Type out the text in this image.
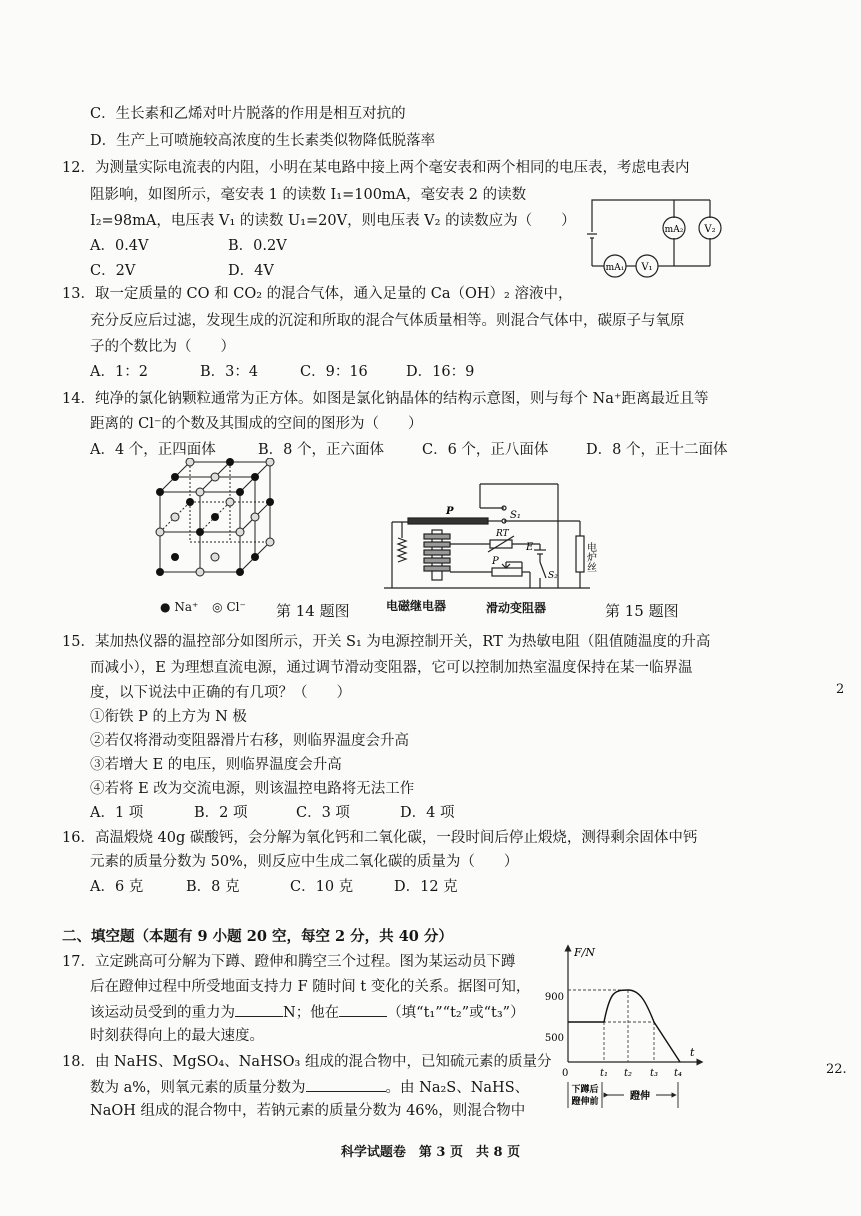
C．生长素和乙烯对叶片脱落的作用是相互对抗的
D．生产上可喷施较高浓度的生长素类似物降低脱落率
12．为测量实际电流表的内阻，小明在某电路中接上两个毫安表和两个相同的电压表，考虑电表内
阻影响，如图所示，毫安表 1 的读数 I₁=100mA，毫安表 2 的读数
I₂=98mA，电压表 V₁ 的读数 U₁=20V，则电压表 V₂ 的读数应为（　　）
A．0.4V	B．0.2V
C．2V	D．4V
mA₂ V₂
mA₁ V₁
13．取一定质量的 CO 和 CO₂ 的混合气体，通入足量的 Ca（OH）₂ 溶液中，
充分反应后过滤，发现生成的沉淀和所取的混合气体质量相等。则混合气体中，碳原子与氧原
子的个数比为（　　）
A．1：2	B．3：4	C．9：16	D．16：9
14．纯净的氯化钠颗粒通常为正方体。如图是氯化钠晶体的结构示意图，则与每个 Na⁺距离最近且等
距离的 Cl⁻的个数及其围成的空间的图形为（　　）
A．4 个，正四面体	B．8 个，正六面体	C．6 个，正八面体	D．8 个，正十二面体
● Na⁺ ◎ Cl⁻ 第 14 题图
P	S₁
RT
E
S₂
P	电炉丝
电磁继电器	滑动变阻器	第 15 题图
15．某加热仪器的温控部分如图所示，开关 S₁ 为电源控制开关，RT 为热敏电阻（阻值随温度的升高
而减小），E 为理想直流电源，通过调节滑动变阻器，它可以控制加热室温度保持在某一临界温
度，以下说法中正确的有几项？（　　）
①衔铁 P 的上方为 N 极
②若仅将滑动变阻器滑片右移，则临界温度会升高
③若增大 E 的电压，则临界温度会升高
④若将 E 改为交流电源，则该温控电路将无法工作
A．1 项	B．2 项	C．3 项	D．4 项
16．高温煅烧 40g 碳酸钙，会分解为氧化钙和二氧化碳，一段时间后停止煅烧，测得剩余固体中钙
元素的质量分数为 50%，则反应中生成二氧化碳的质量为（　　）
A．6 克	B．8 克	C．10 克	D．12 克
二、填空题（本题有 9 小题 20 空，每空 2 分，共 40 分）
17．立定跳高可分解为下蹲、蹬伸和腾空三个过程。图为某运动员下蹲
后在蹬伸过程中所受地面支持力 F 随时间 t 变化的关系。据图可知，
该运动员受到的重力为	N；他在	（填“t₁”“t₂”或“t₃”）
时刻获得向上的最大速度。
18．由 NaHS、MgSO₄、NaHSO₃ 组成的混合物中，已知硫元素的质量分
数为 a%，则氧元素的质量分数为	。由 Na₂S、NaHS、
NaOH 组成的混合物中，若钠元素的质量分数为 46%，则混合物中
F/N
t
900
500
0	t₁ t₂ t₃ t₄
下蹲后
蹬伸前	蹬伸
2
22.
科学试题卷　第 3 页　共 8 页
